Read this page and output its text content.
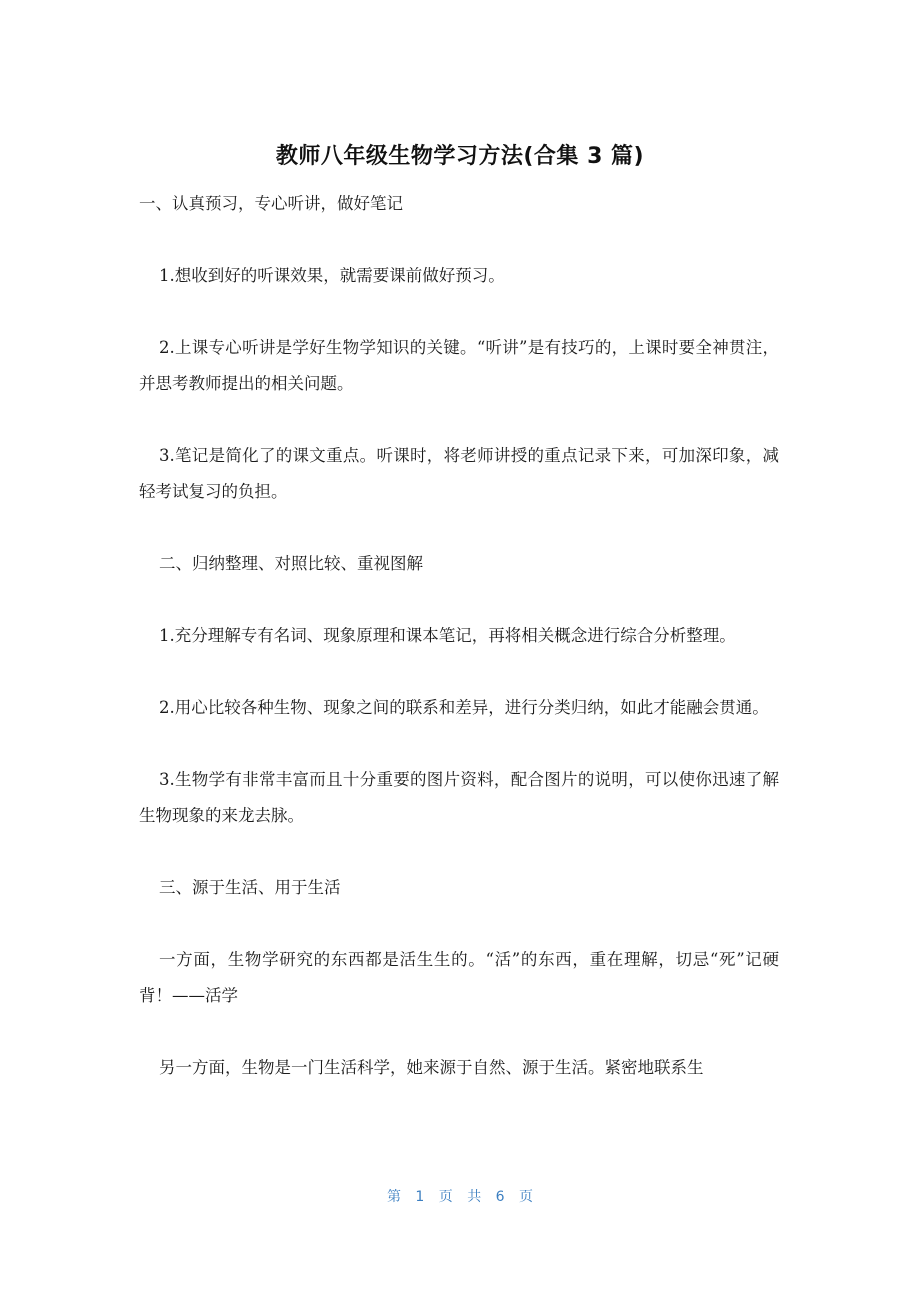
教师八年级生物学习方法(合集 3 篇)

一、认真预习，专心听讲，做好笔记

1.想收到好的听课效果，就需要课前做好预习。

2.上课专心听讲是学好生物学知识的关键。“听讲”是有技巧的，上课时要全神贯注，并思考教师提出的相关问题。

3.笔记是简化了的课文重点。听课时，将老师讲授的重点记录下来，可加深印象，减轻考试复习的负担。

二、归纳整理、对照比较、重视图解

1.充分理解专有名词、现象原理和课本笔记，再将相关概念进行综合分析整理。

2.用心比较各种生物、现象之间的联系和差异，进行分类归纳，如此才能融会贯通。

3.生物学有非常丰富而且十分重要的图片资料，配合图片的说明，可以使你迅速了解生物现象的来龙去脉。

三、源于生活、用于生活

一方面，生物学研究的东西都是活生生的。“活”的东西，重在理解，切忌“死”记硬背！——活学

另一方面，生物是一门生活科学，她来源于自然、源于生活。紧密地联系生

第 1 页 共 6 页
